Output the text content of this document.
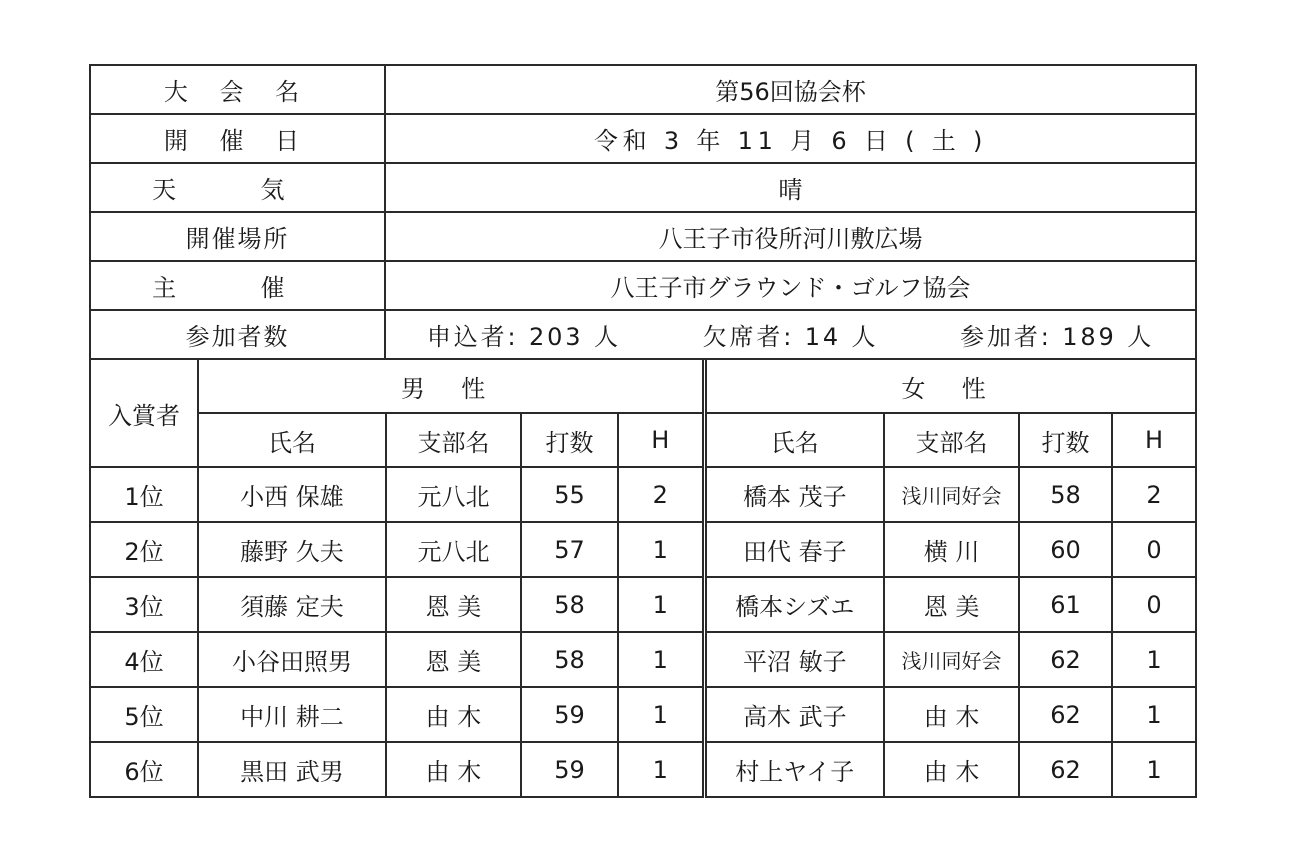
大 会 名	第56回協会杯
開 催 日	令和 3 年 11 月 6 日 ( 土 )
天 気	晴
開催場所	八王子市役所河川敷広場
主 催	八王子市グラウンド・ゴルフ協会
参加者数	申込者: 203 人 欠席者: 14 人 参加者: 189 人
入賞者	男 性				女 性			
	氏名	支部名	打数	H	氏名	支部名	打数	H
1位	小西 保雄	元八北	55	2	橋本 茂子	浅川同好会	58	2
2位	藤野 久夫	元八北	57	1	田代 春子	横 川	60	0
3位	須藤 定夫	恩 美	58	1	橋本シズエ	恩 美	61	0
4位	小谷田照男	恩 美	58	1	平沼 敏子	浅川同好会	62	1
5位	中川 耕二	由 木	59	1	高木 武子	由 木	62	1
6位	黒田 武男	由 木	59	1	村上ヤイ子	由 木	62	1
